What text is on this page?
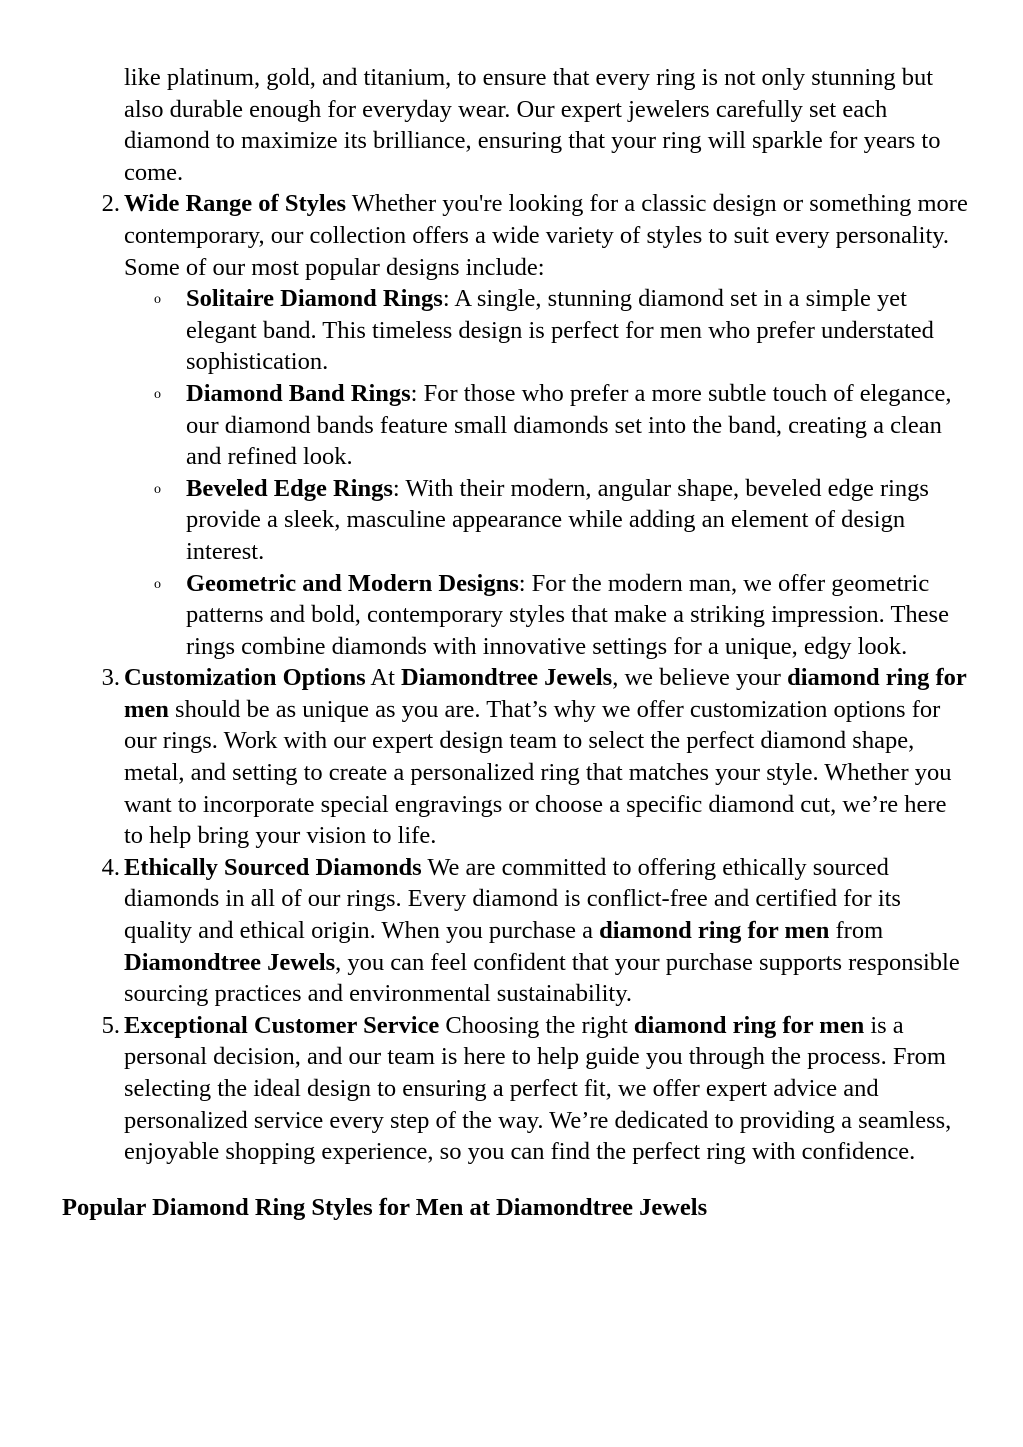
like platinum, gold, and titanium, to ensure that every ring is not only stunning but also durable enough for everyday wear. Our expert jewelers carefully set each diamond to maximize its brilliance, ensuring that your ring will sparkle for years to come.

2. Wide Range of Styles Whether you're looking for a classic design or something more contemporary, our collection offers a wide variety of styles to suit every personality. Some of our most popular designs include:
o Solitaire Diamond Rings: A single, stunning diamond set in a simple yet elegant band. This timeless design is perfect for men who prefer understated sophistication.
o Diamond Band Rings: For those who prefer a more subtle touch of elegance, our diamond bands feature small diamonds set into the band, creating a clean and refined look.
o Beveled Edge Rings: With their modern, angular shape, beveled edge rings provide a sleek, masculine appearance while adding an element of design interest.
o Geometric and Modern Designs: For the modern man, we offer geometric patterns and bold, contemporary styles that make a striking impression. These rings combine diamonds with innovative settings for a unique, edgy look.
3. Customization Options At Diamondtree Jewels, we believe your diamond ring for men should be as unique as you are. That’s why we offer customization options for our rings. Work with our expert design team to select the perfect diamond shape, metal, and setting to create a personalized ring that matches your style. Whether you want to incorporate special engravings or choose a specific diamond cut, we’re here to help bring your vision to life.
4. Ethically Sourced Diamonds We are committed to offering ethically sourced diamonds in all of our rings. Every diamond is conflict-free and certified for its quality and ethical origin. When you purchase a diamond ring for men from Diamondtree Jewels, you can feel confident that your purchase supports responsible sourcing practices and environmental sustainability.
5. Exceptional Customer Service Choosing the right diamond ring for men is a personal decision, and our team is here to help guide you through the process. From selecting the ideal design to ensuring a perfect fit, we offer expert advice and personalized service every step of the way. We’re dedicated to providing a seamless, enjoyable shopping experience, so you can find the perfect ring with confidence.
Popular Diamond Ring Styles for Men at Diamondtree Jewels
